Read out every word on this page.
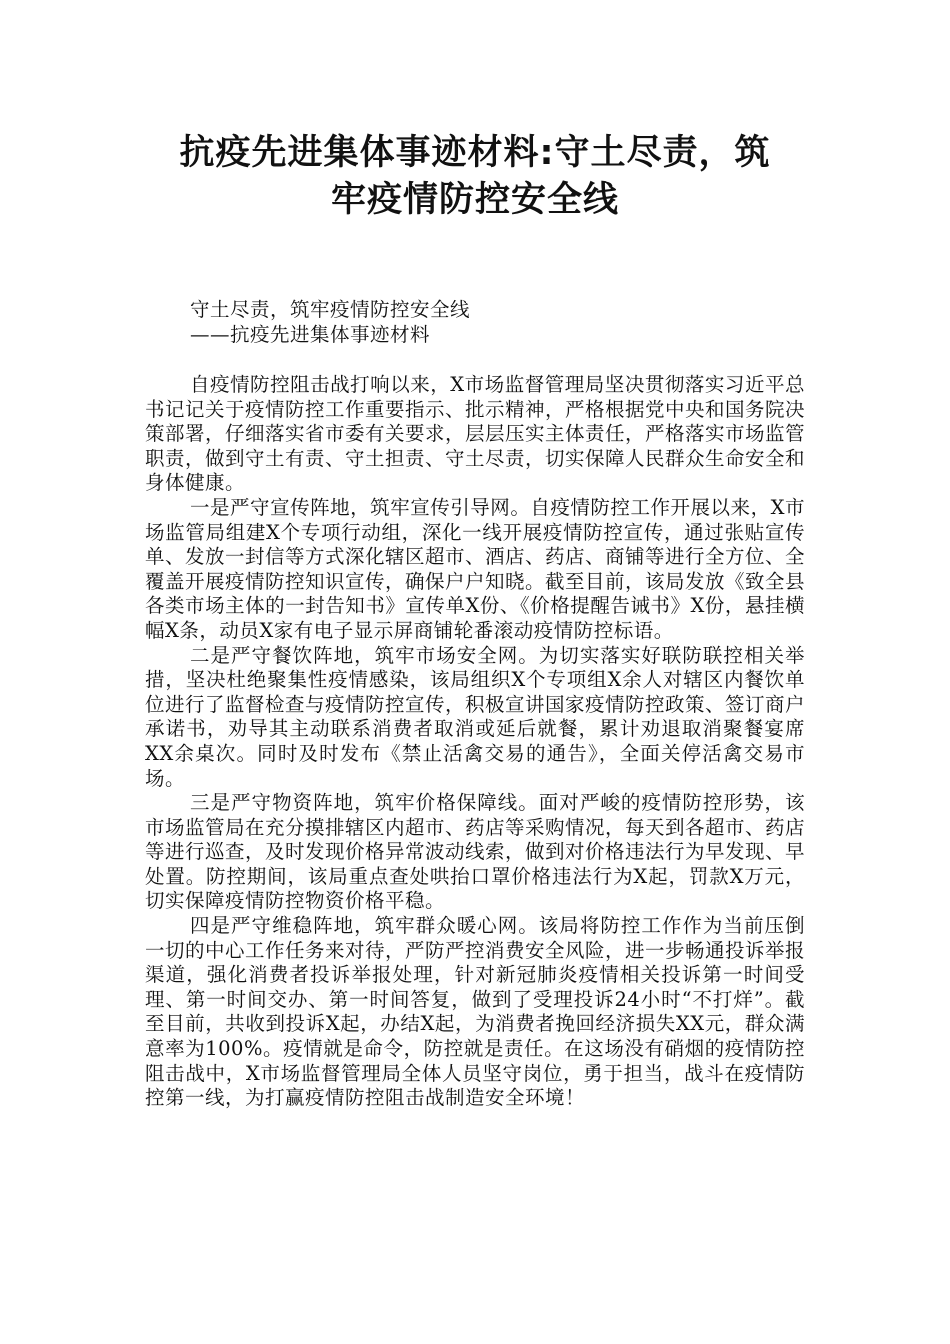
抗疫先进集体事迹材料:守土尽责，筑
牢疫情防控安全线
守土尽责，筑牢疫情防控安全线
——抗疫先进集体事迹材料

自疫情防控阻击战打响以来，X市场监督管理局坚决贯彻落实习近平总书记记关于疫情防控工作重要指示、批示精神，严格根据党中央和国务院决策部署，仔细落实省市委有关要求，层层压实主体责任，严格落实市场监管职责，做到守土有责、守土担责、守土尽责，切实保障人民群众生命安全和身体健康。

一是严守宣传阵地，筑牢宣传引导网。自疫情防控工作开展以来，X市场监管局组建X个专项行动组，深化一线开展疫情防控宣传，通过张贴宣传单、发放一封信等方式深化辖区超市、酒店、药店、商铺等进行全方位、全覆盖开展疫情防控知识宣传，确保户户知晓。截至目前，该局发放《致全县各类市场主体的一封告知书》宣传单X份、《价格提醒告诫书》X份，悬挂横幅X条，动员X家有电子显示屏商铺轮番滚动疫情防控标语。

二是严守餐饮阵地，筑牢市场安全网。为切实落实好联防联控相关举措，坚决杜绝聚集性疫情感染，该局组织X个专项组X余人对辖区内餐饮单位进行了监督检查与疫情防控宣传，积极宣讲国家疫情防控政策、签订商户承诺书，劝导其主动联系消费者取消或延后就餐，累计劝退取消聚餐宴席XX余桌次。同时及时发布《禁止活禽交易的通告》，全面关停活禽交易市场。

三是严守物资阵地，筑牢价格保障线。面对严峻的疫情防控形势，该市场监管局在充分摸排辖区内超市、药店等采购情况，每天到各超市、药店等进行巡查，及时发现价格异常波动线索，做到对价格违法行为早发现、早处置。防控期间，该局重点查处哄抬口罩价格违法行为X起，罚款X万元，切实保障疫情防控物资价格平稳。

四是严守维稳阵地，筑牢群众暖心网。该局将防控工作作为当前压倒一切的中心工作任务来对待，严防严控消费安全风险，进一步畅通投诉举报渠道，强化消费者投诉举报处理，针对新冠肺炎疫情相关投诉第一时间受理、第一时间交办、第一时间答复，做到了受理投诉24小时“不打烊”。截至目前，共收到投诉X起，办结X起，为消费者挽回经济损失XX元，群众满意率为100%。疫情就是命令，防控就是责任。在这场没有硝烟的疫情防控阻击战中，X市场监督管理局全体人员坚守岗位，勇于担当，战斗在疫情防控第一线，为打赢疫情防控阻击战制造安全环境！
